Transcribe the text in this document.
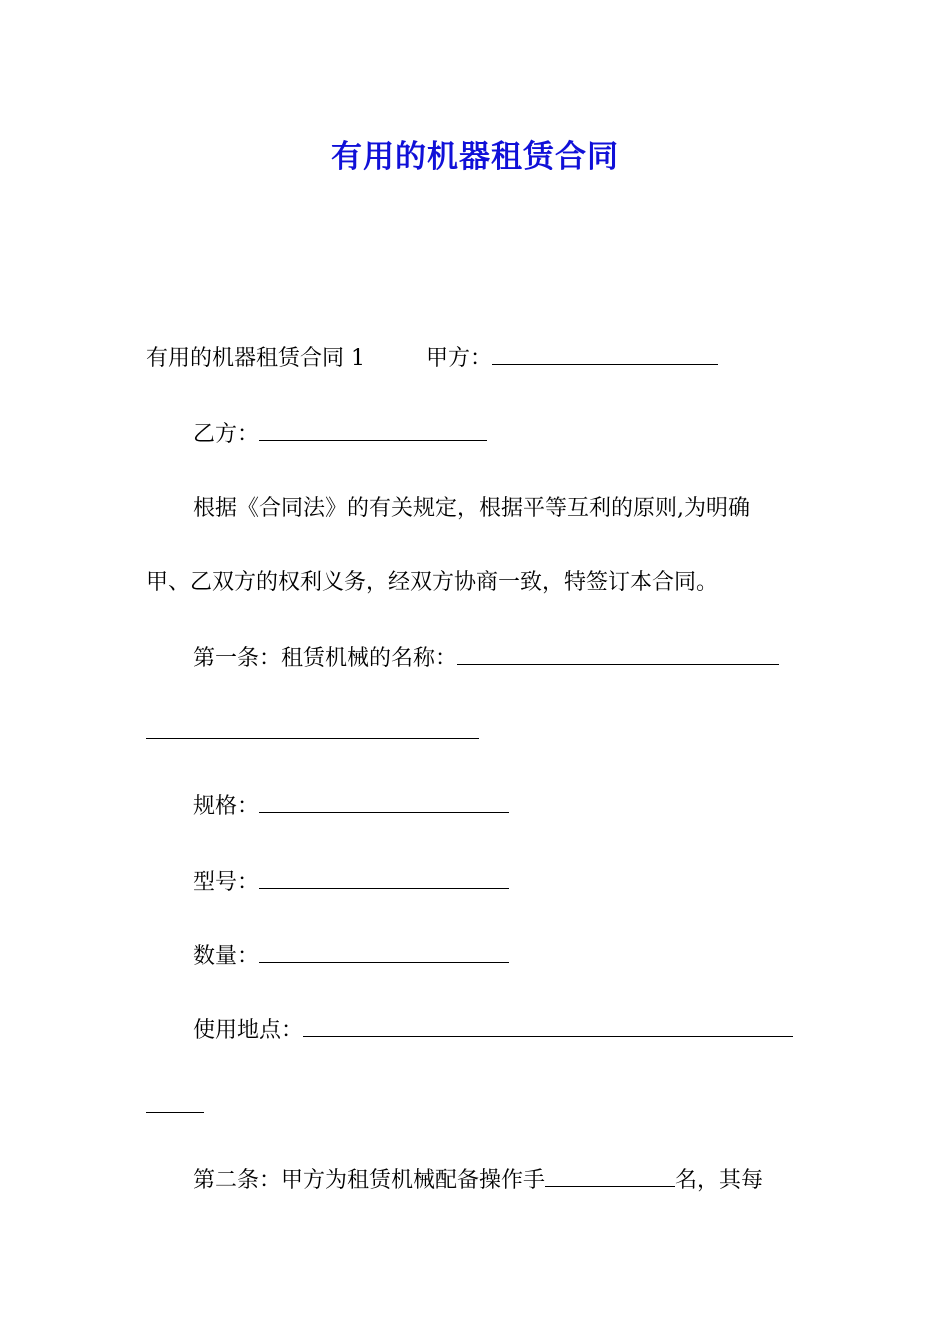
有用的机器租赁合同
有用的机器租赁合同 1	甲方：
乙方：
根据《合同法》的有关规定，根据平等互利的原则,为明确
甲、乙双方的权利义务，经双方协商一致，特签订本合同。
第一条：租赁机械的名称：
规格：
型号：
数量：
使用地点：
第二条：甲方为租赁机械配备操作手	名，其每
